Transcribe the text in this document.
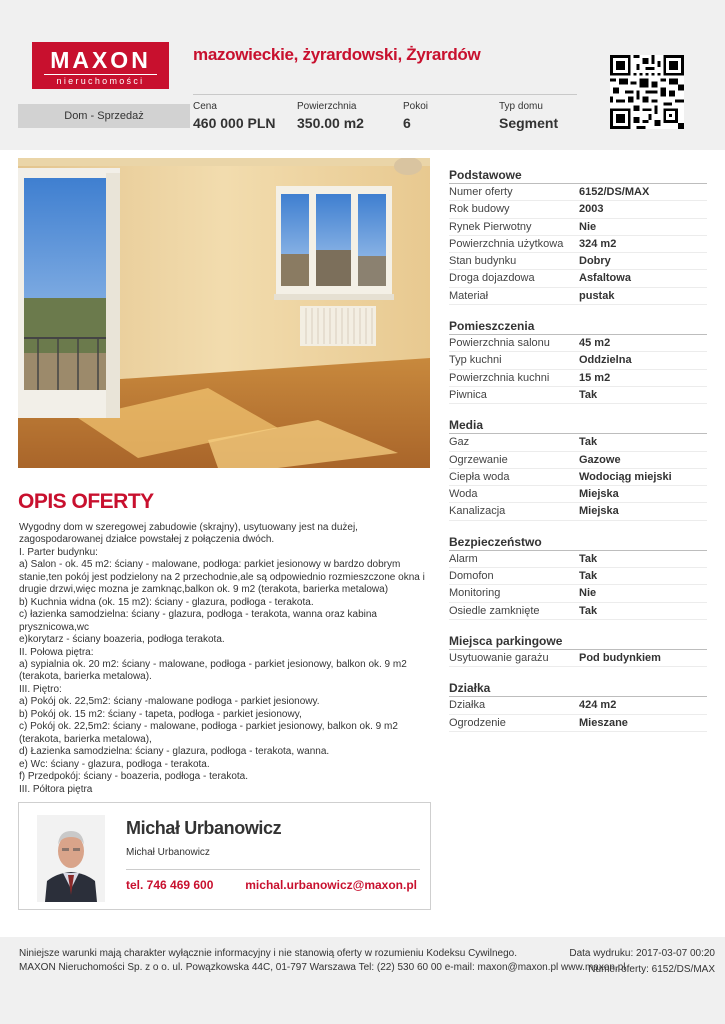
MAXON
nieruchomości
mazowieckie, żyrardowski, Żyrardów
Dom - Sprzedaż
Cena
460 000 PLN
Powierzchnia
350.00 m2
Pokoi
6
Typ domu
Segment
OPIS OFERTY
Wygodny dom w szeregowej zabudowie (skrajny), usytuowany jest na dużej,
zagospodarowanej działce powstałej z połączenia dwóch.
I. Parter budynku:
a) Salon - ok. 45 m2: ściany - malowane, podłoga: parkiet jesionowy w bardzo dobrym
stanie,ten pokój jest podzielony na 2 przechodnie,ale są odpowiednio rozmieszczone okna i
drugie drzwi,więc mozna je zamknąc,balkon ok. 9 m2 (terakota, barierka metalowa)
b) Kuchnia widna (ok. 15 m2): ściany - glazura, podłoga - terakota.
c) łazienka samodzielna: ściany - glazura, podłoga - terakota, wanna oraz kabina
prysznicowa,wc
e)korytarz - ściany boazeria, podłoga terakota.
II. Połowa piętra:
a) sypialnia ok. 20 m2: ściany - malowane, podłoga - parkiet jesionowy, balkon ok. 9 m2
(terakota, barierka metalowa).
III. Piętro:
a) Pokój ok. 22,5m2: ściany -malowane podłoga - parkiet jesionowy.
b) Pokój ok. 15 m2: ściany - tapeta, podłoga - parkiet jesionowy,
c) Pokój ok. 22,5m2: ściany - malowane, podłoga - parkiet jesionowy, balkon ok. 9 m2
(terakota, barierka metalowa),
d) Łazienka samodzielna: ściany - glazura, podłoga - terakota, wanna.
e) Wc: ściany - glazura, podłoga - terakota.
f) Przedpokój: ściany - boazeria, podłoga - terakota.
III. Półtora piętra
Michał Urbanowicz
Michał Urbanowicz
tel. 746 469 600	michal.urbanowicz@maxon.pl
Podstawowe
Numer oferty	6152/DS/MAX
Rok budowy	2003
Rynek Pierwotny	Nie
Powierzchnia użytkowa	324 m2
Stan budynku	Dobry
Droga dojazdowa	Asfaltowa
Materiał	pustak
Pomieszczenia
Powierzchnia salonu	45 m2
Typ kuchni	Oddzielna
Powierzchnia kuchni	15 m2
Piwnica	Tak
Media
Gaz	Tak
Ogrzewanie	Gazowe
Ciepła woda	Wodociąg miejski
Woda	Miejska
Kanalizacja	Miejska
Bezpieczeństwo
Alarm	Tak
Domofon	Tak
Monitoring	Nie
Osiedle zamknięte	Tak
Miejsca parkingowe
Usytuowanie garażu	Pod budynkiem
Działka
Działka	424 m2
Ogrodzenie	Mieszane
Niniejsze warunki mają charakter wyłącznie informacyjny i nie stanowią oferty w rozumieniu Kodeksu Cywilnego.
MAXON Nieruchomości Sp. z o o. ul. Powązkowska 44C, 01-797 Warszawa Tel: (22) 530 60 00 e-mail: maxon@maxon.pl www.maxon.pl
Data wydruku: 2017-03-07 00:20
Numer oferty: 6152/DS/MAX
